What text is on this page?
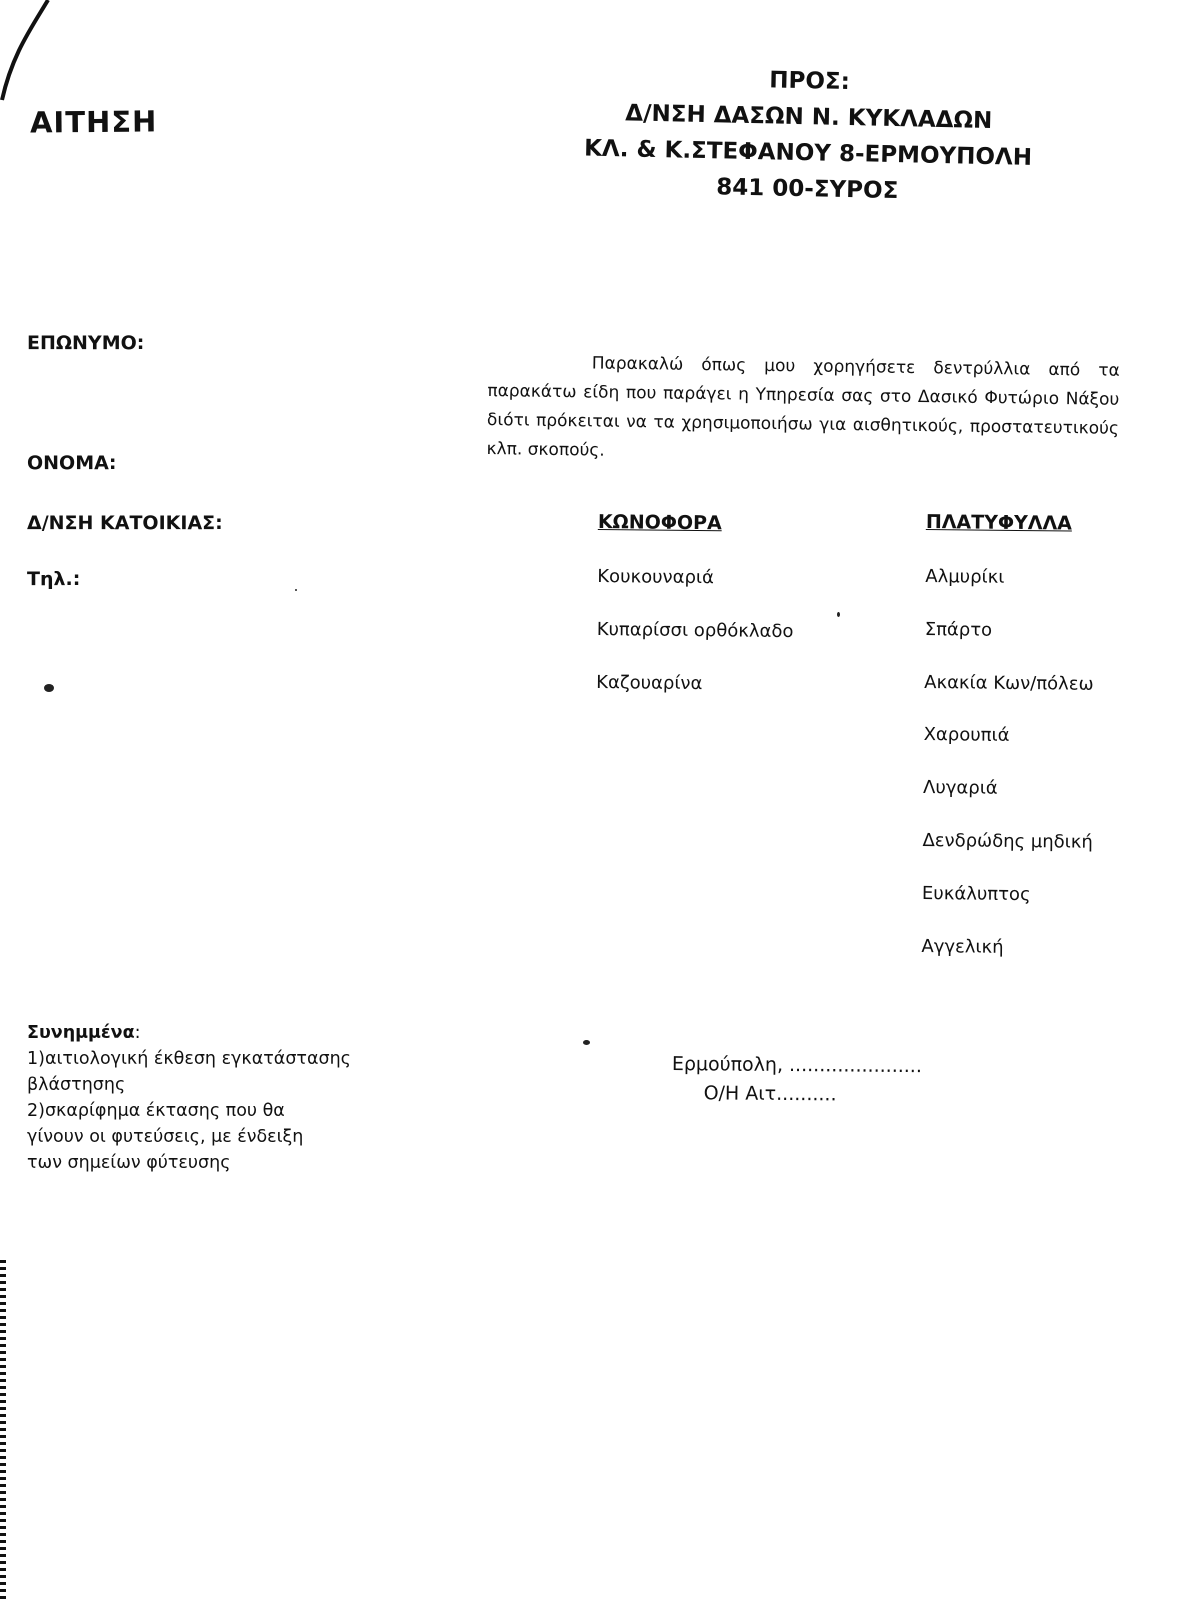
ΑΙΤΗΣΗ
ΠΡΟΣ:
Δ/ΝΣΗ ΔΑΣΩΝ Ν. ΚΥΚΛΑΔΩΝ
ΚΛ. & Κ.ΣΤΕΦΑΝΟΥ 8-ΕΡΜΟΥΠΟΛΗ
841 00-ΣΥΡΟΣ
ΕΠΩΝΥΜΟ:
ΟΝΟΜΑ:
Δ/ΝΣΗ ΚΑΤΟΙΚΙΑΣ:
Τηλ.:

Παρακαλώ όπως μου χορηγήσετε δεντρύλλια από τα παρακάτω είδη που παράγει η Υπηρεσία σας στο Δασικό Φυτώριο Νάξου διότι πρόκειται να τα χρησιμοποιήσω για αισθητικούς, προστατευτικούς κλπ. σκοπούς.

ΚΩΝΟΦΟΡΑ
Κουκουναριά
Κυπαρίσσι ορθόκλαδο
Καζουαρίνα
ΠΛΑΤΥΦΥΛΛΑ
Αλμυρίκι
Σπάρτο
Ακακία Κων/πόλεω
Χαρουπιά
Λυγαριά
Δενδρώδης μηδική
Ευκάλυπτος
Αγγελική
Συνημμένα:
1)αιτιολογική έκθεση εγκατάστασης βλάστησης
2)σκαρίφημα έκτασης που θα γίνουν οι φυτεύσεις, με ένδειξη των σημείων φύτευσης
Ερμούπολη, ......................
Ο/Η Αιτ..........
